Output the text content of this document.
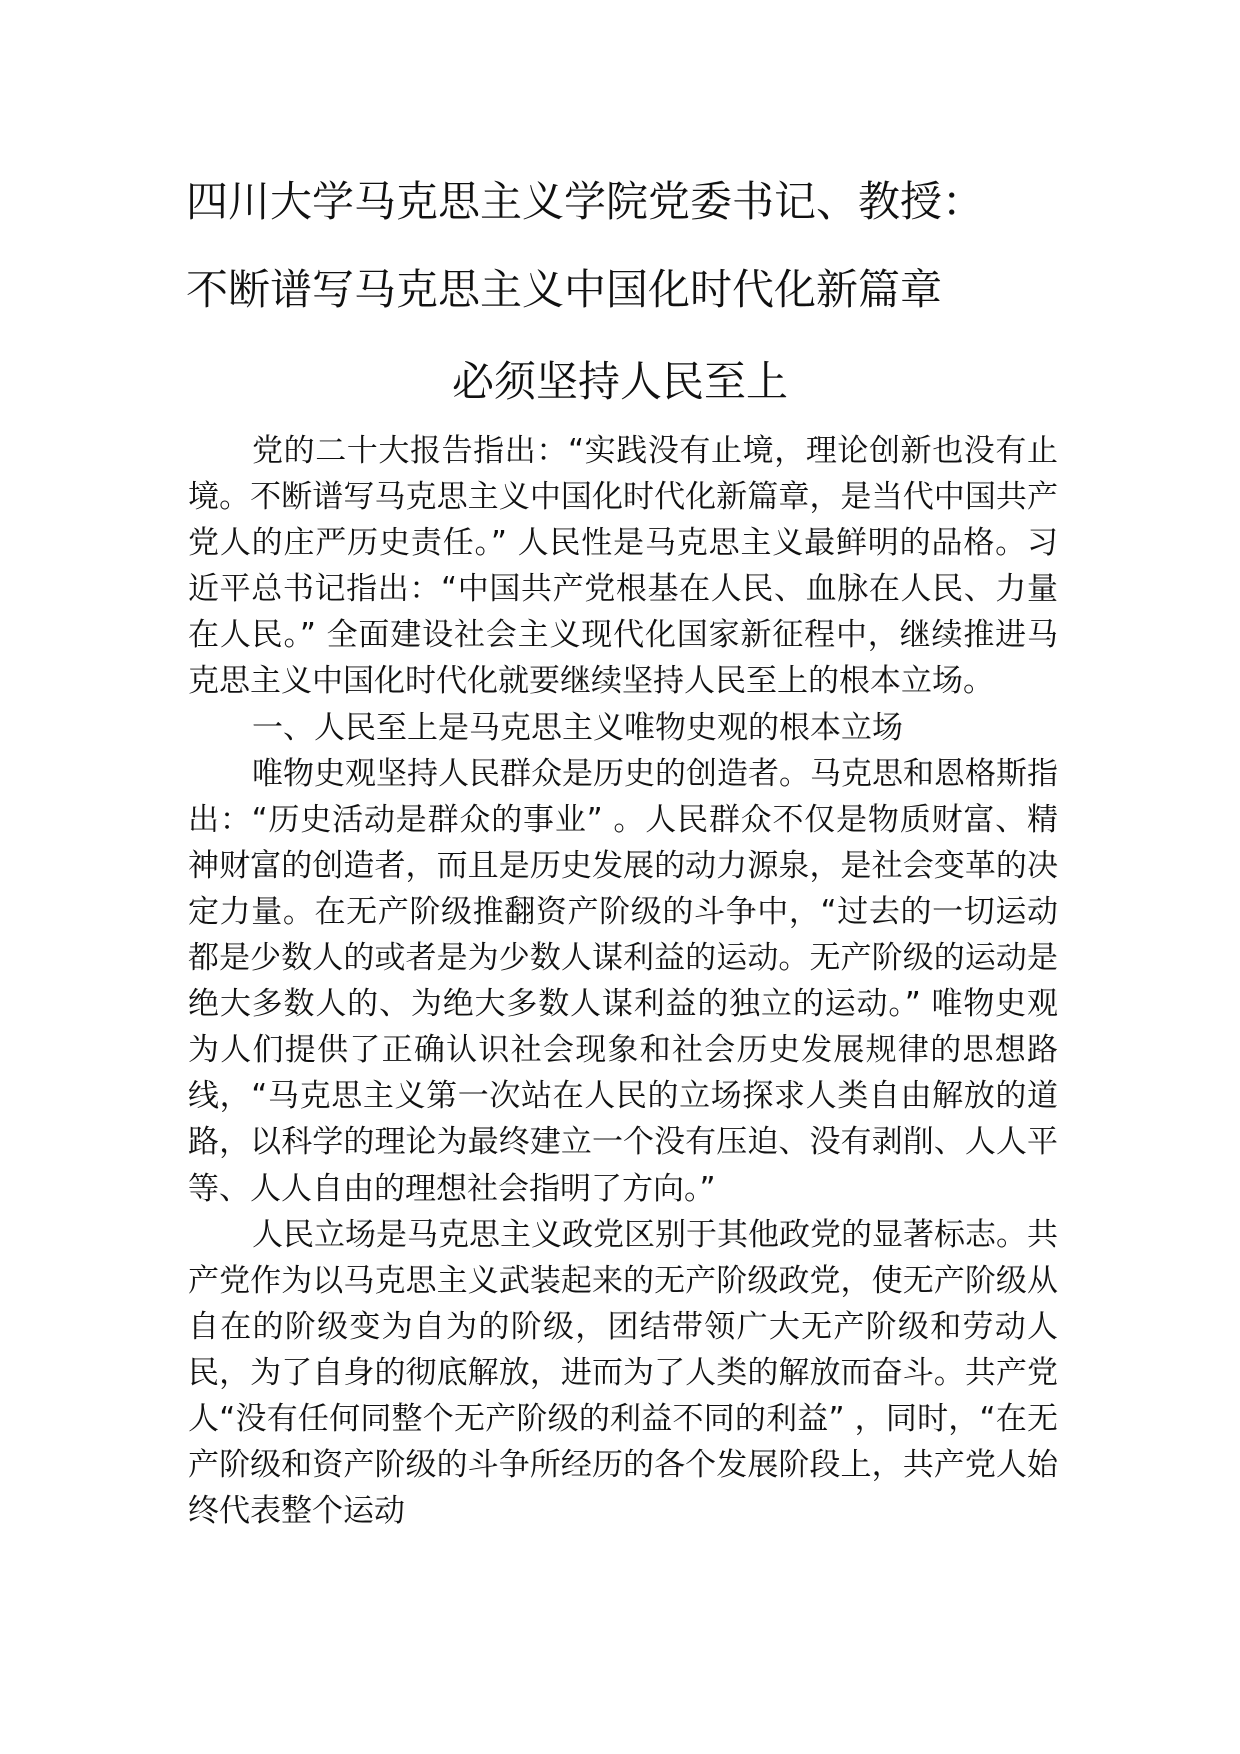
四川大学马克思主义学院党委书记、教授：
不断谱写马克思主义中国化时代化新篇章
必须坚持人民至上

党的二十大报告指出：“实践没有止境，理论创新也没有止境。不断谱写马克思主义中国化时代化新篇章，是当代中国共产党人的庄严历史责任。” 人民性是马克思主义最鲜明的品格。习近平总书记指出：“中国共产党根基在人民、血脉在人民、力量在人民。” 全面建设社会主义现代化国家新征程中，继续推进马克思主义中国化时代化就要继续坚持人民至上的根本立场。

一、人民至上是马克思主义唯物史观的根本立场

唯物史观坚持人民群众是历史的创造者。马克思和恩格斯指出：“历史活动是群众的事业” 。人民群众不仅是物质财富、精神财富的创造者，而且是历史发展的动力源泉，是社会变革的决定力量。在无产阶级推翻资产阶级的斗争中，“过去的一切运动都是少数人的或者是为少数人谋利益的运动。无产阶级的运动是绝大多数人的、为绝大多数人谋利益的独立的运动。” 唯物史观为人们提供了正确认识社会现象和社会历史发展规律的思想路线，“马克思主义第一次站在人民的立场探求人类自由解放的道路，以科学的理论为最终建立一个没有压迫、没有剥削、人人平等、人人自由的理想社会指明了方向。”

人民立场是马克思主义政党区别于其他政党的显著标志。共产党作为以马克思主义武装起来的无产阶级政党，使无产阶级从自在的阶级变为自为的阶级，团结带领广大无产阶级和劳动人民，为了自身的彻底解放，进而为了人类的解放而奋斗。共产党人“没有任何同整个无产阶级的利益不同的利益” ，同时，“在无产阶级和资产阶级的斗争所经历的各个发展阶段上，共产党人始终代表整个运动
